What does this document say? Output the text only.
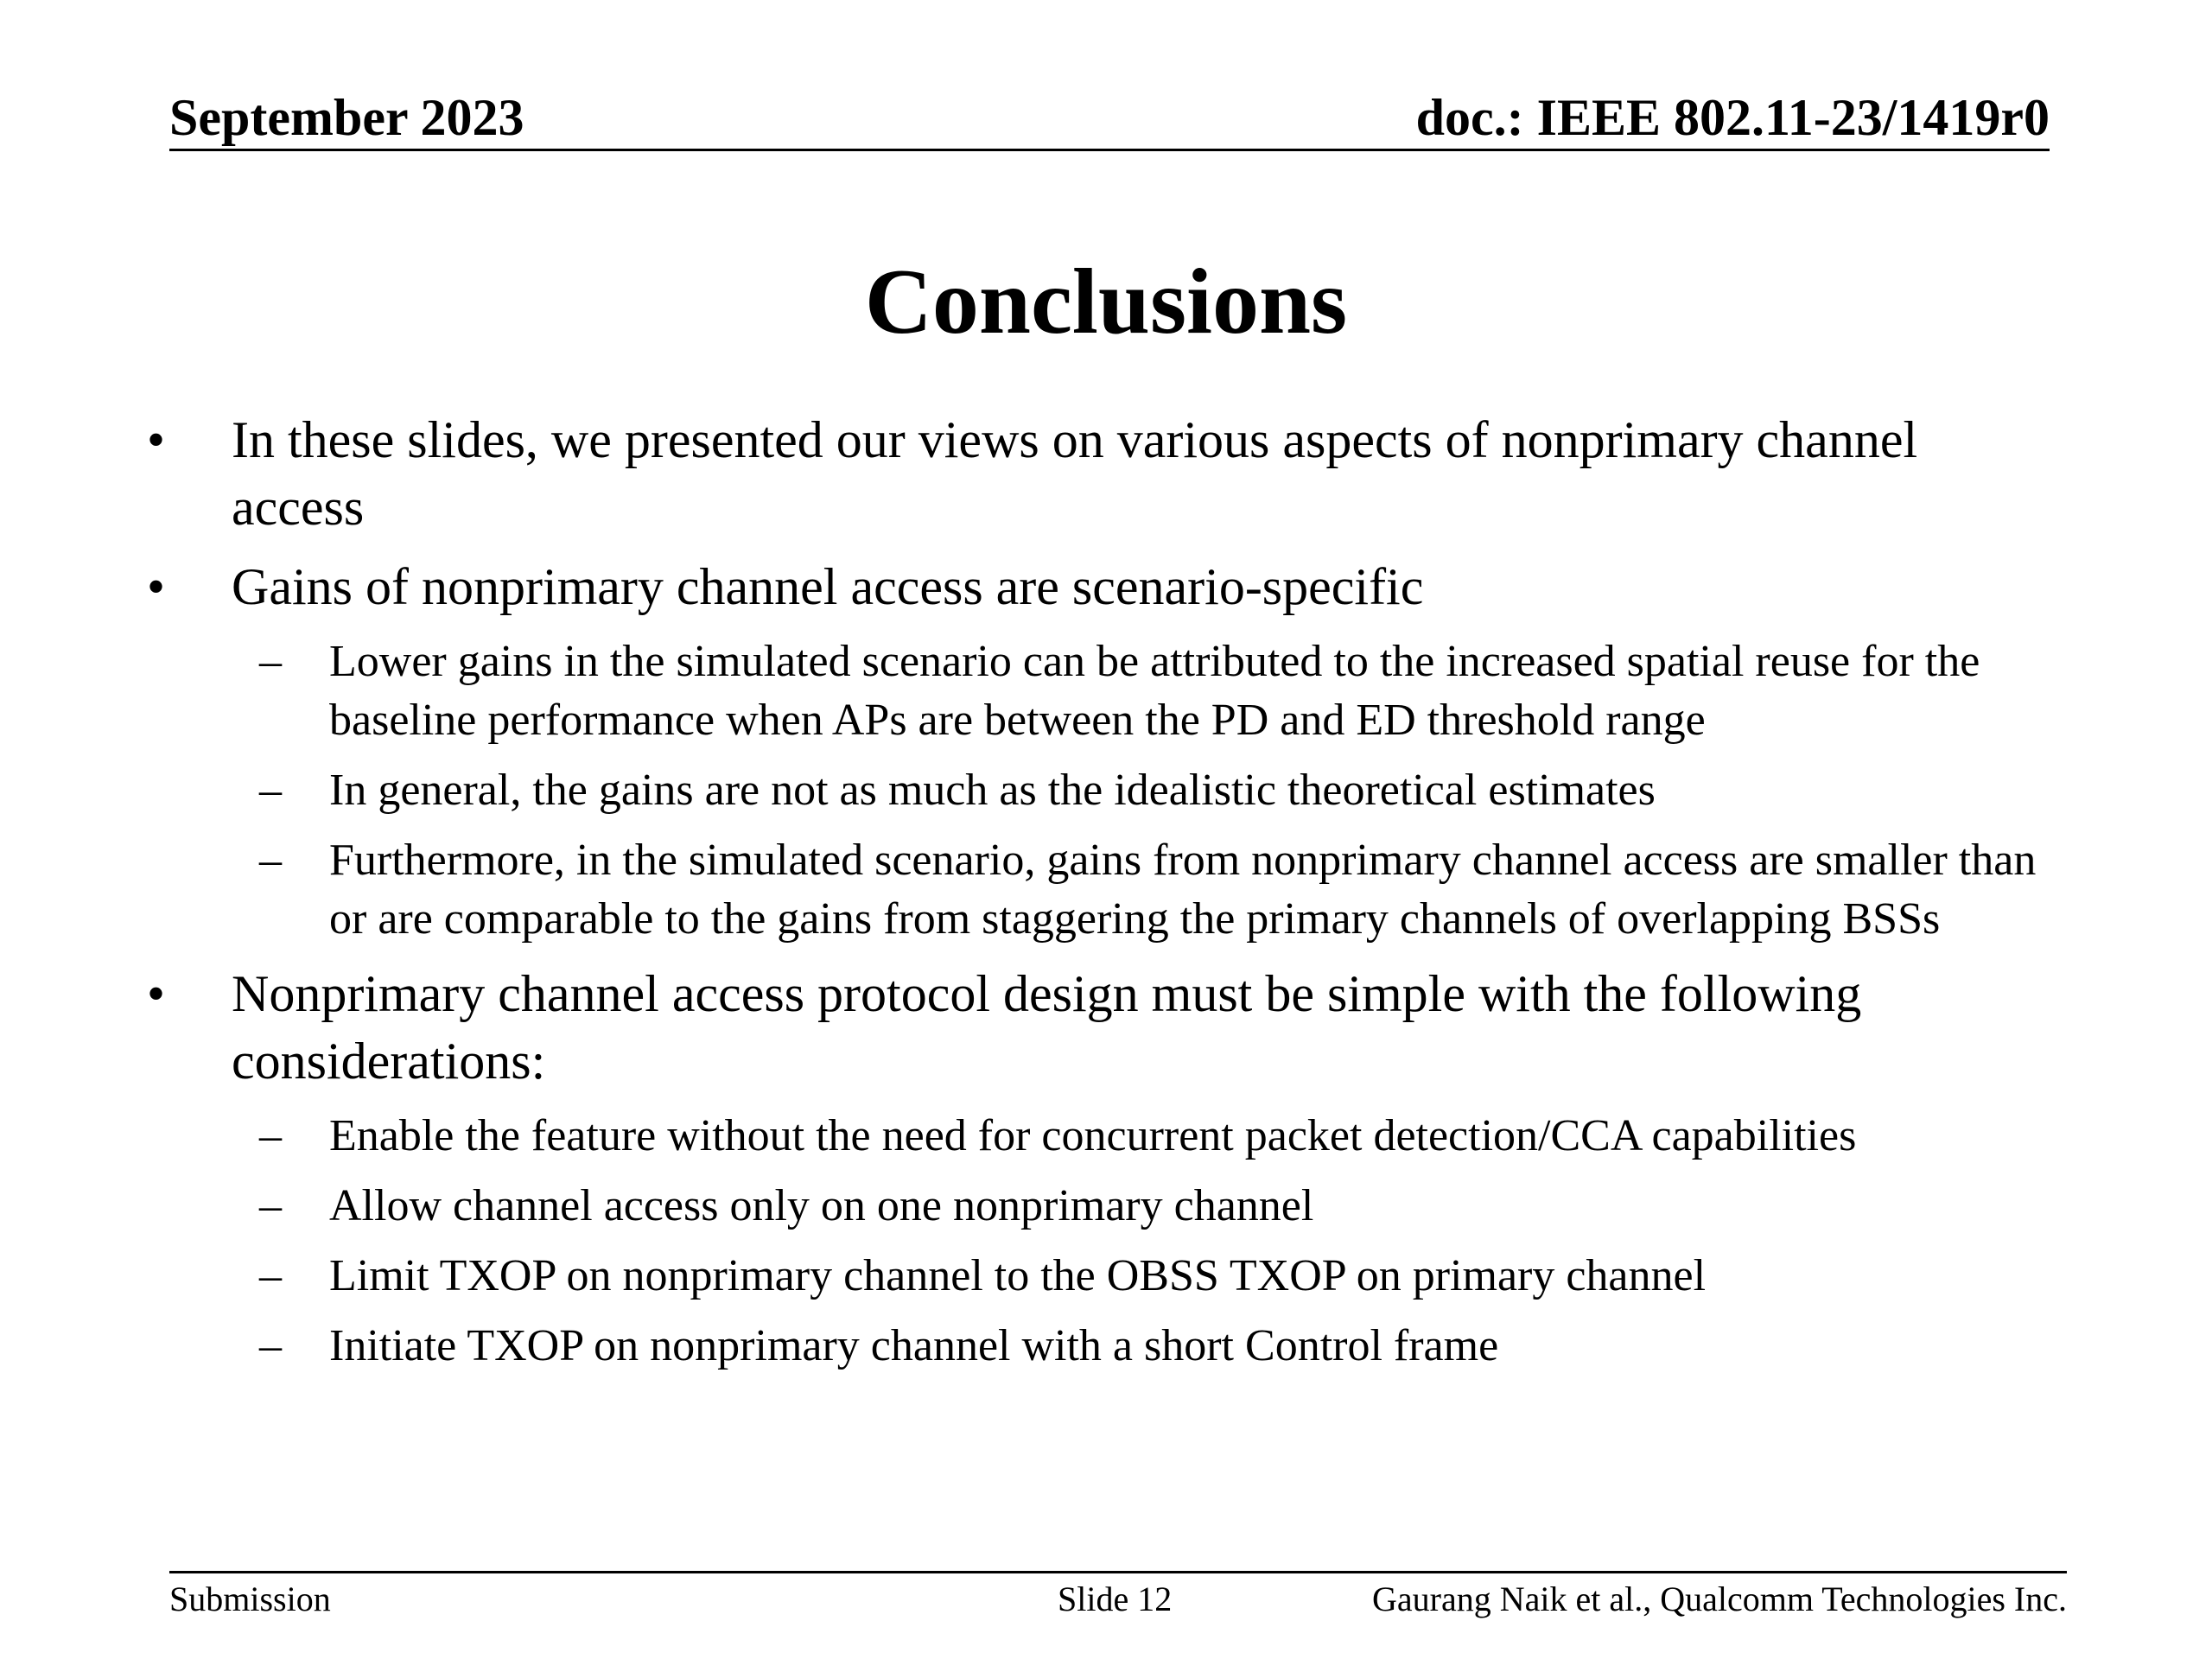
September 2023	doc.: IEEE 802.11-23/1419r0
Conclusions
•	In these slides, we presented our views on various aspects of nonprimary channel access
•	Gains of nonprimary channel access are scenario-specific
– Lower gains in the simulated scenario can be attributed to the increased spatial reuse for the baseline performance when APs are between the PD and ED threshold range
– In general, the gains are not as much as the idealistic theoretical estimates
– Furthermore, in the simulated scenario, gains from nonprimary channel access are smaller than or are comparable to the gains from staggering the primary channels of overlapping BSSs
•	Nonprimary channel access protocol design must be simple with the following considerations:
– Enable the feature without the need for concurrent packet detection/CCA capabilities
– Allow channel access only on one nonprimary channel
– Limit TXOP on nonprimary channel to the OBSS TXOP on primary channel
– Initiate TXOP on nonprimary channel with a short Control frame
Submission	Slide 12	Gaurang Naik et al., Qualcomm Technologies Inc.
